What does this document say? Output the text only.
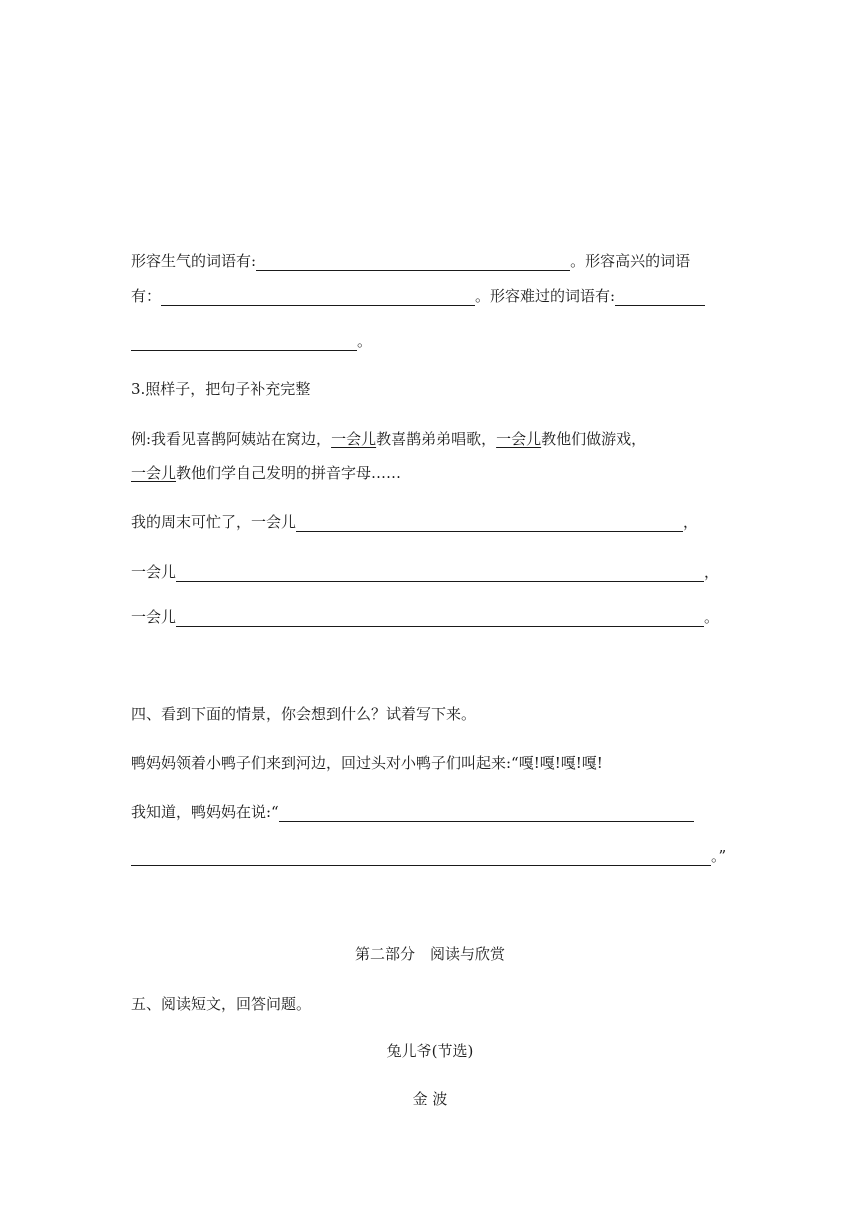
形容生气的词语有:	。形容高兴的词语
有：	。形容难过的词语有:
。
3.照样子，把句子补充完整
例:我看见喜鹊阿姨站在窝边，一会儿教喜鹊弟弟唱歌，一会儿教他们做游戏，
一会儿教他们学自己发明的拼音字母……
我的周末可忙了，一会儿	，
一会儿	，
一会儿	。
四、看到下面的情景，你会想到什么？试着写下来。
鸭妈妈领着小鸭子们来到河边，回过头对小鸭子们叫起来:“嘎!嘎!嘎!嘎!
我知道，鸭妈妈在说:“
。”
第二部分　阅读与欣赏
五、阅读短文，回答问题。
兔儿爷(节选)
金 波
